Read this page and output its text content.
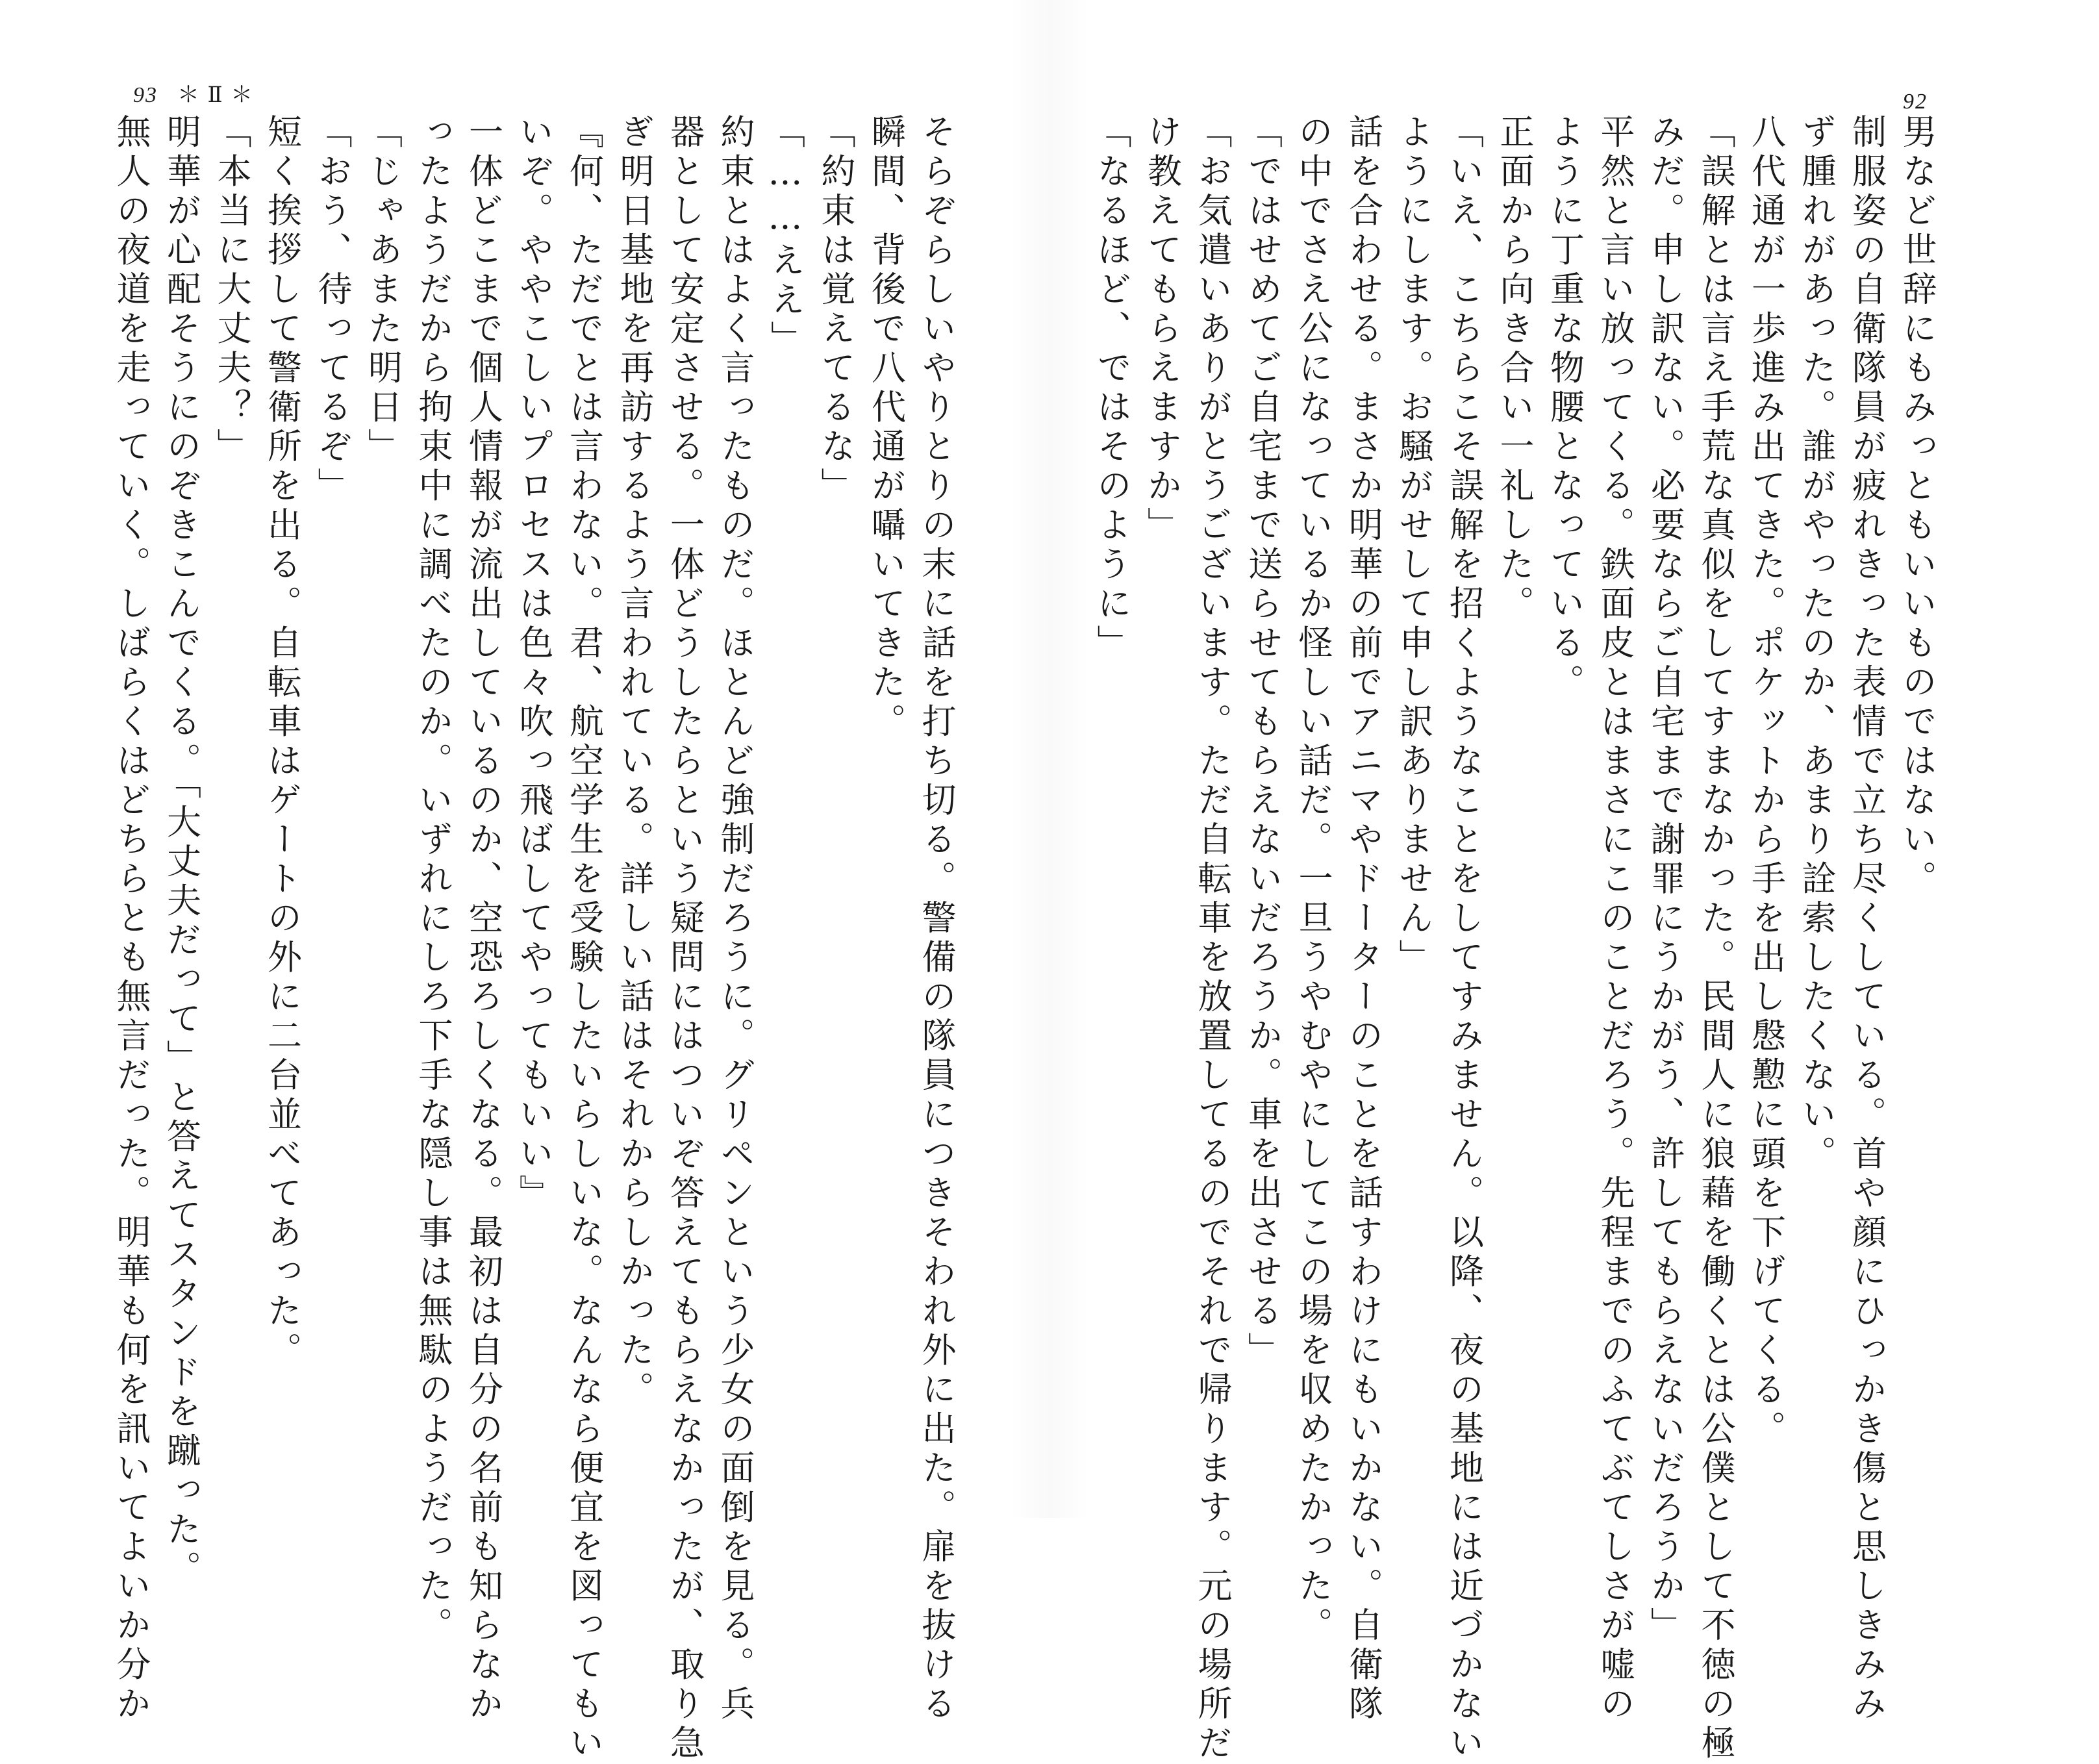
93 ＊ Ⅱ ＊	92
男など世辞にもみっともいいものではない。
制服姿の自衛隊員が疲れきった表情で立ち尽くしている。首や顔にひっかき傷と思しきみみ
ず腫れがあった。誰がやったのか、あまり詮索したくない。
八代通が一歩進み出てきた。ポケットから手を出し慇懃に頭を下げてくる。
「誤解とは言え手荒な真似をしてすまなかった。民間人に狼藉を働くとは公僕として不徳の極
みだ。申し訳ない。必要ならご自宅まで謝罪にうかがう、許してもらえないだろうか」
平然と言い放ってくる。鉄面皮とはまさにこのことだろう。先程までのふてぶてしさが嘘の
ように丁重な物腰となっている。
正面から向き合い一礼した。
「いえ、こちらこそ誤解を招くようなことをしてすみません。以降、夜の基地には近づかない
ようにします。お騒がせして申し訳ありません」
話を合わせる。まさか明華の前でアニマやドーターのことを話すわけにもいかない。自衛隊
の中でさえ公になっているか怪しい話だ。一旦うやむやにしてこの場を収めたかった。
「ではせめてご自宅まで送らせてもらえないだろうか。車を出させる」
「お気遣いありがとうございます。ただ自転車を放置してるのでそれで帰ります。元の場所だ
け教えてもらえますか」
「なるほど、ではそのように」
そらぞらしいやりとりの末に話を打ち切る。警備の隊員につきそわれ外に出た。扉を抜ける
瞬間、背後で八代通が囁いてきた。
「約束は覚えてるな」
「……ええ」
約束とはよく言ったものだ。ほとんど強制だろうに。グリペンという少女の面倒を見る。兵
器として安定させる。一体どうしたらという疑問にはついぞ答えてもらえなかったが、取り急
ぎ明日基地を再訪するよう言われている。詳しい話はそれからしかった。
『何、ただでとは言わない。君、航空学生を受験したいらしいな。なんなら便宜を図ってもい
いぞ。ややこしいプロセスは色々吹っ飛ばしてやってもいい』
一体どこまで個人情報が流出しているのか、空恐ろしくなる。最初は自分の名前も知らなか
ったようだから拘束中に調べたのか。いずれにしろ下手な隠し事は無駄のようだった。
「じゃあまた明日」
「おう、待ってるぞ」
短く挨拶して警衛所を出る。自転車はゲートの外に二台並べてあった。
「本当に大丈夫？」
明華が心配そうにのぞきこんでくる。「大丈夫だって」と答えてスタンドを蹴った。
無人の夜道を走っていく。しばらくはどちらとも無言だった。明華も何を訊いてよいか分か
